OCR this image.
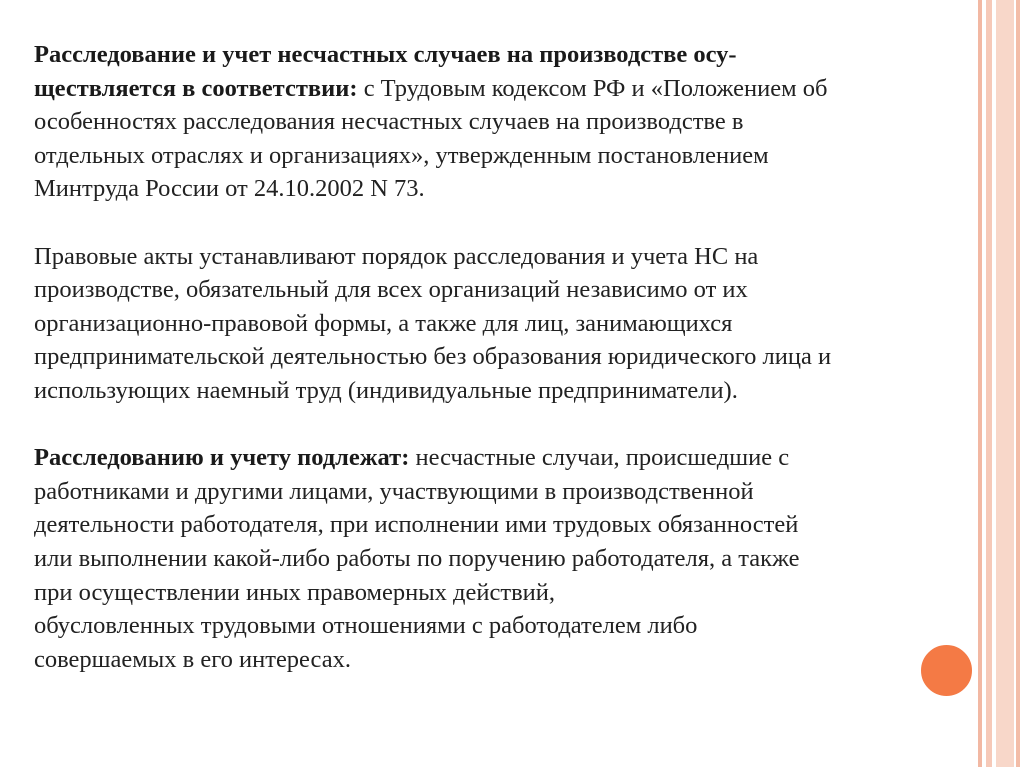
Расследование и учет несчастных случаев на производстве осу-
ществляется в соответствии: с Трудовым кодексом РФ и «Положением об
особенностях расследования несчастных случаев на производстве в
отдельных отраслях и организациях», утвержденным постановлением
Минтруда России от 24.10.2002 N 73.
Правовые акты устанавливают порядок расследования и учета НС на
производстве, обязательный для всех организаций независимо от их
организационно-правовой формы, а также для лиц, занимающихся
предпринимательской деятельностью без образования юридического лица и
использующих наемный труд (индивидуальные предприниматели).
Расследованию и учету подлежат: несчастные случаи, происшедшие с
работниками и другими лицами, участвующими в производственной
деятельности работодателя, при исполнении ими трудовых обязанностей
или выполнении какой-либо работы по поручению работодателя, а также
при осуществлении иных правомерных действий,
обусловленных трудовыми отношениями с работодателем либо
совершаемых в его интересах.
